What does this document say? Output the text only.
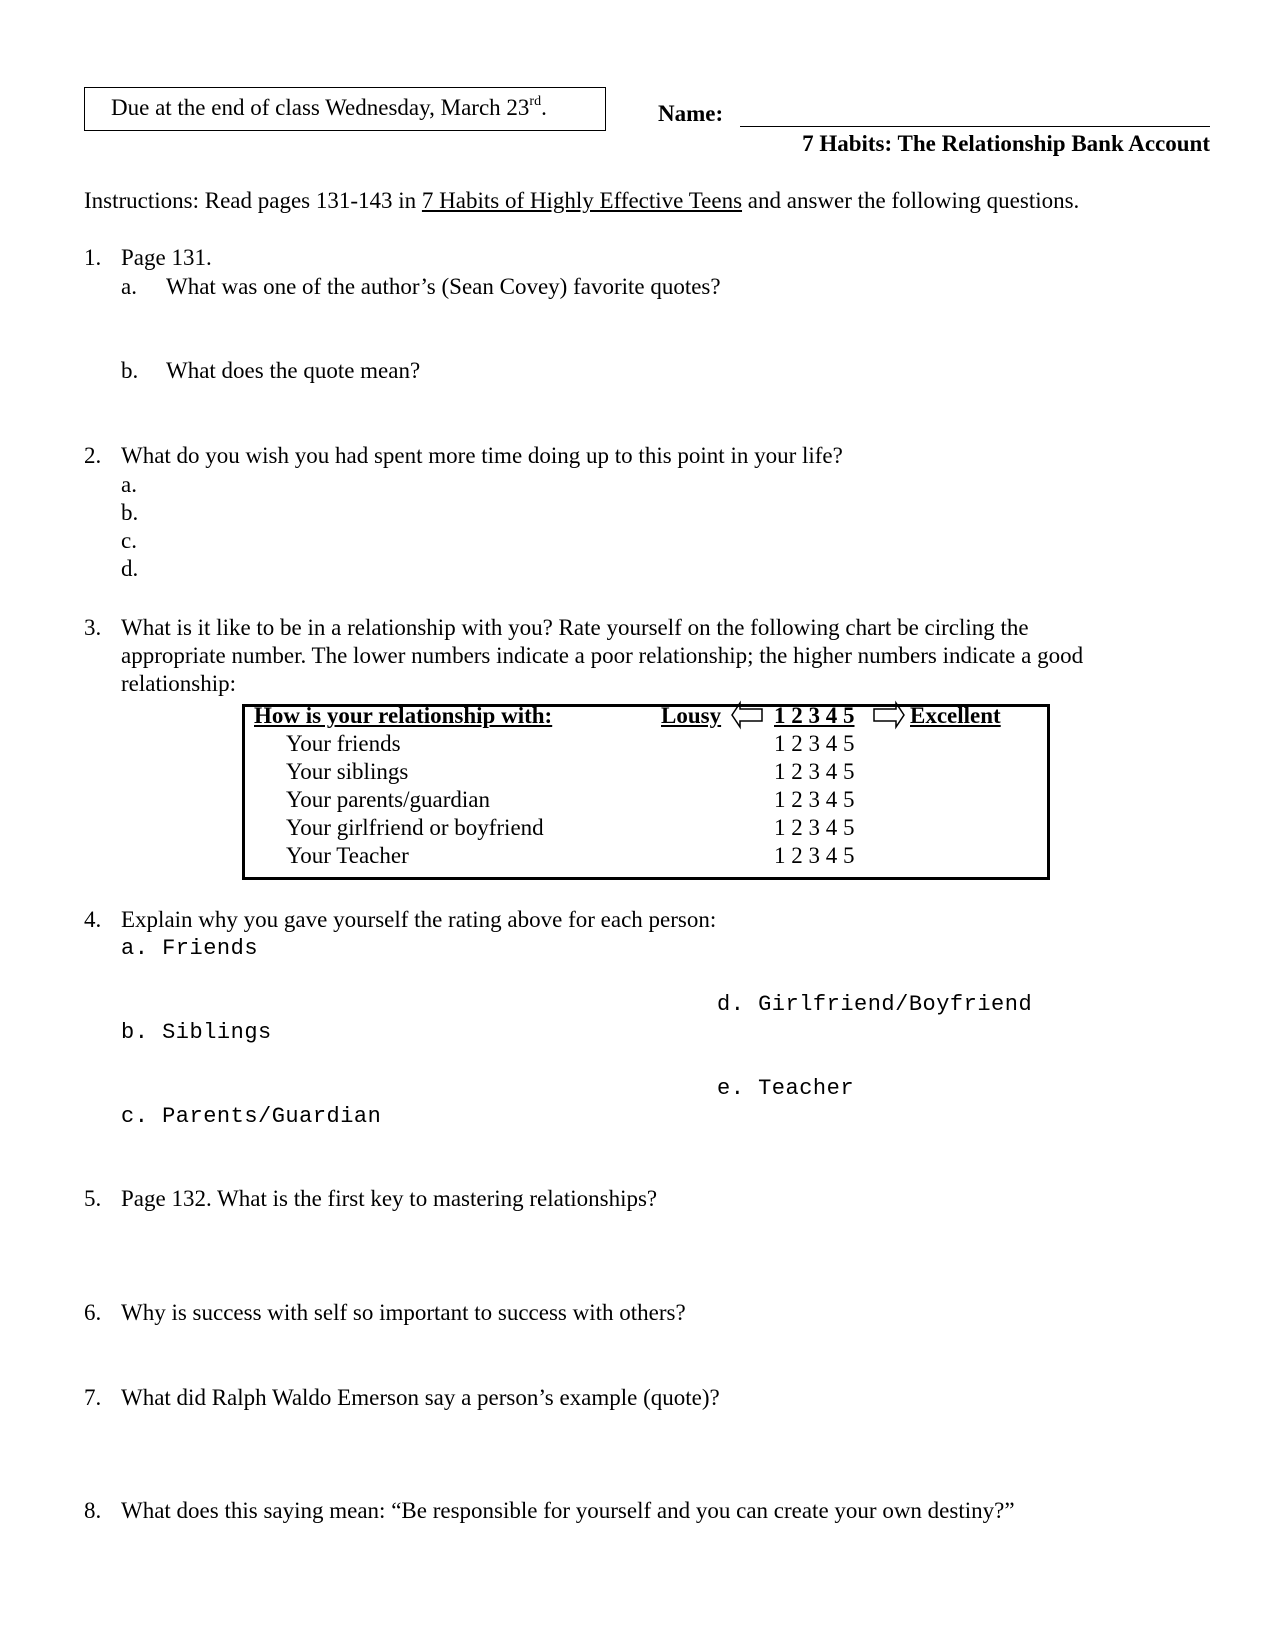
Due at the end of class Wednesday, March 23rd.	Name:
7 Habits: The Relationship Bank Account
Instructions: Read pages 131-143 in 7 Habits of Highly Effective Teens and answer the following questions.
1. Page 131.
a. What was one of the author’s (Sean Covey) favorite quotes?
b. What does the quote mean?
2. What do you wish you had spent more time doing up to this point in your life?
a.
b.
c.
d.
3. What is it like to be in a relationship with you? Rate yourself on the following chart be circling the
appropriate number. The lower numbers indicate a poor relationship; the higher numbers indicate a good
relationship:
How is your relationship with:	Lousy 1 2 3 4 5 Excellent
Your friends	1 2 3 4 5
Your siblings	1 2 3 4 5
Your parents/guardian	1 2 3 4 5
Your girlfriend or boyfriend	1 2 3 4 5
Your Teacher	1 2 3 4 5
4. Explain why you gave yourself the rating above for each person:
a. Friends
d. Girlfriend/Boyfriend
b. Siblings
e. Teacher
c. Parents/Guardian
5. Page 132. What is the first key to mastering relationships?
6. Why is success with self so important to success with others?
7. What did Ralph Waldo Emerson say a person’s example (quote)?
8. What does this saying mean: “Be responsible for yourself and you can create your own destiny?”
